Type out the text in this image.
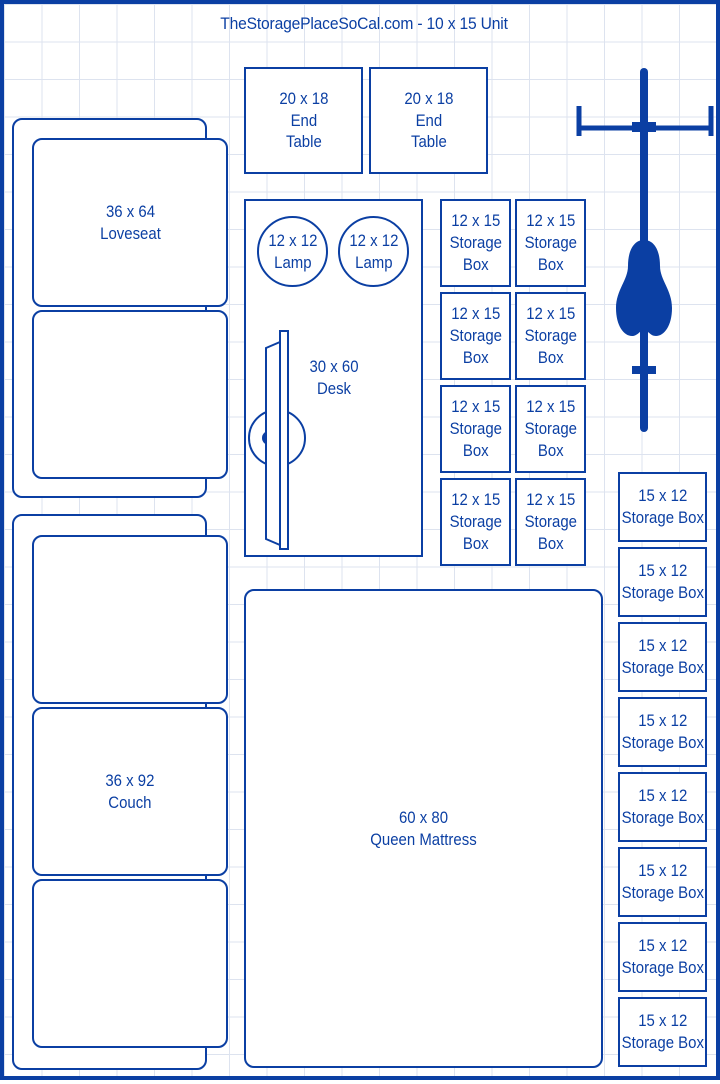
TheStoragePlaceSoCal.com - 10 x 15 Unit
20 x 18
End
Table
20 x 18
End
Table
36 x 64
Loveseat
36 x 92
Couch
30 x 60
Desk
12 x 12
Lamp
12 x 12
Lamp
12 x 15
Storage
Box
12 x 15
Storage
Box
12 x 15
Storage
Box
12 x 15
Storage
Box
12 x 15
Storage
Box
12 x 15
Storage
Box
12 x 15
Storage
Box
12 x 15
Storage
Box
60 x 80
Queen Mattress
15 x 12
Storage Box
15 x 12
Storage Box
15 x 12
Storage Box
15 x 12
Storage Box
15 x 12
Storage Box
15 x 12
Storage Box
15 x 12
Storage Box
15 x 12
Storage Box
